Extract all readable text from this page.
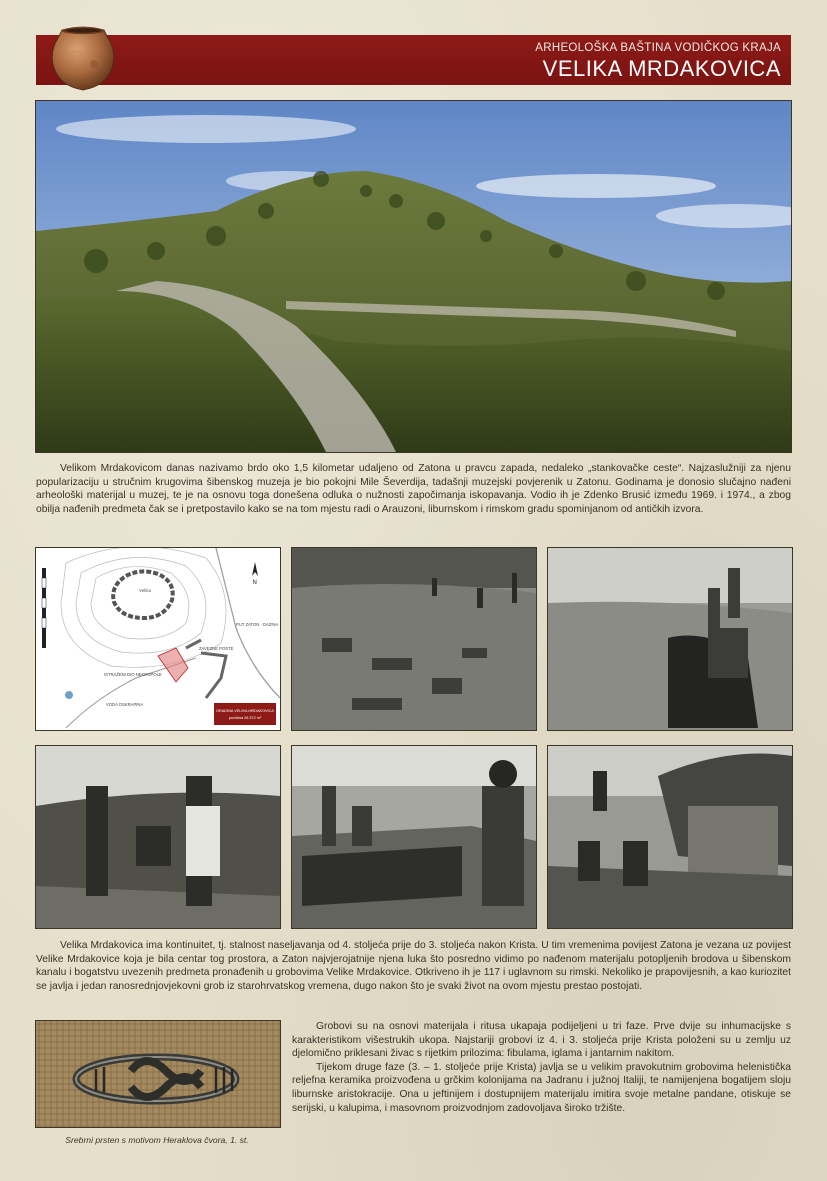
ARHEOLOŠKA BAŠTINA VODIČKOG KRAJA
VELIKA MRDAKOVICA

Velikom Mrdakovicom danas nazivamo brdo oko 1,5 kilometar udaljeno od Zatona u pravcu zapada, nedaleko „stankovačke ceste“. Najzaslužniji za njenu popularizaciju u stručnim krugovima šibenskog muzeja je bio pokojni Mile Ševerdija, tadašnji muzejski povjerenik u Zatonu. Godinama je donosio slučajno nađeni arheološki materijal u muzej, te je na osnovu toga donešena odluka o nužnosti započimanja iskopavanja. Vodio ih je Zdenko Brusić između 1969. i 1974., a zbog obilja nađenih predmeta čak se i pretpostavilo kako se na tom mjestu radi o Arauzoni, liburnskom i rimskom gradu spominjanom od antičkih izvora.

Velika
N
PUT ZATON - DAZINA
ZAVEZNE POSTE
ISTRAŽENI DIO NEKROPOLE
VODA OSKRAPINA
GRADINA VELIKA MRDAKOVICA
površina 26.372 m²

Velika Mrdakovica ima kontinuitet, tj. stalnost naseljavanja od 4. stoljeća prije do 3. stoljeća nakon Krista. U tim vremenima povijest Zatona je vezana uz povijest Velike Mrdakovice koja je bila centar tog prostora, a Zaton najvjerojatnije njena luka što posredno vidimo po nađenom materijalu potopljenih brodova u šibenskom kanalu i bogatstvu uvezenih predmeta pronađenih u grobovima Velike Mrdakovice. Otkriveno ih je 117 i uglavnom su rimski. Nekoliko je prapovijesnih, a kao kuriozitet se javlja i jedan ranosrednjovjekovni grob iz starohrvatskog vremena, dugo nakon što je svaki život na ovom mjestu prestao postojati.

Srebrni prsten s motivom Heraklova čvora, 1. st.

Grobovi su na osnovi materijala i ritusa ukapaja podijeljeni u tri faze. Prve dvije su inhumacijske s karakteristikom višestrukih ukopa. Najstariji grobovi iz 4. i 3. stoljeća prije Krista položeni su u zemlju uz djelomično priklesani živac s rijetkim prilozima: fibulama, iglama i jantarnim nakitom.

Tijekom druge faze (3. – 1. stoljeće prije Krista) javlja se u velikim pravokutnim grobovima helenistička reljefna keramika proizvođena u grčkim kolonijama na Jadranu i južnoj Italiji, te namijenjena bogatijem sloju liburnske aristokracije. Ona u jeftinijem i dostupnijem materijalu imitira svoje metalne pandane, otiskuje se serijski, u kalupima, i masovnom proizvodnjom zadovoljava široko tržište.
